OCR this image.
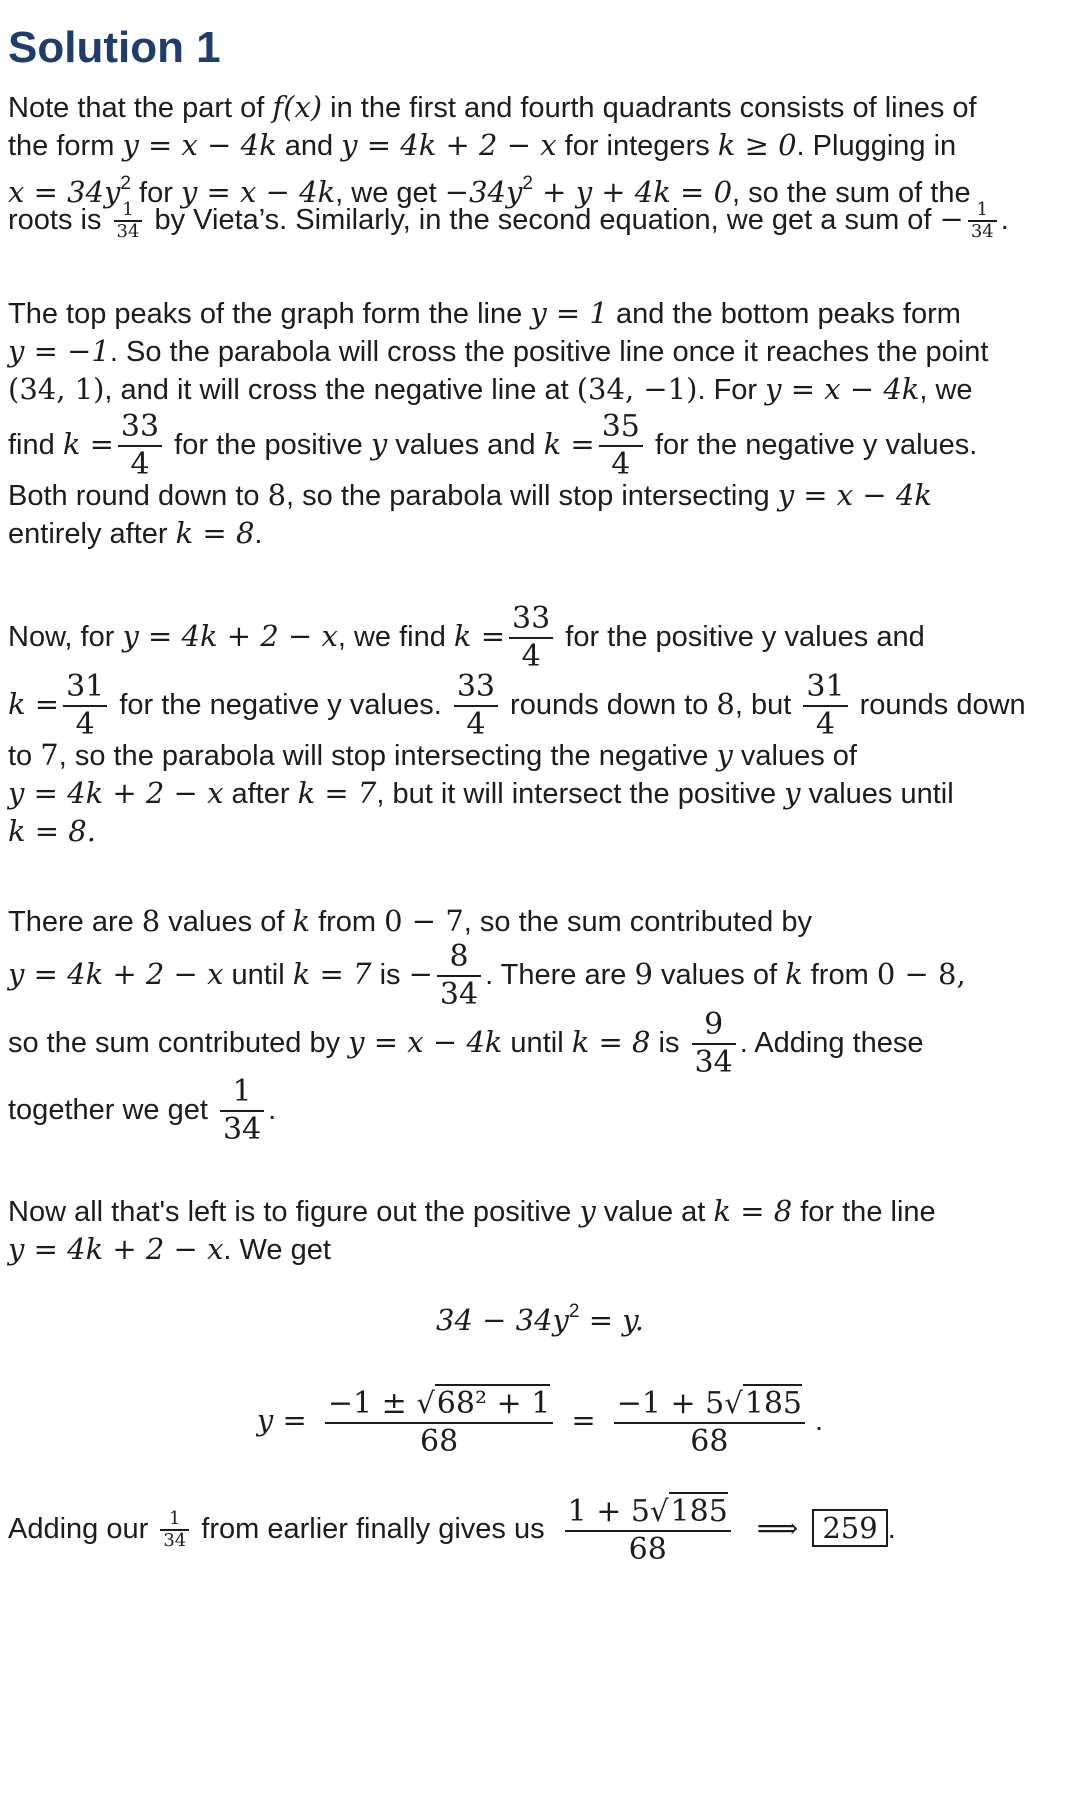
Solution 1
Note that the part of f(x) in the first and fourth quadrants consists of lines of
the form y = x − 4k and y = 4k + 2 − x for integers k ≥ 0. Plugging in
$x = 34y^2$ for y = x − 4k, we get $-34y^2 + y + 4k = 0$, so the sum of the
roots is $\frac{1}{34}$ by Vieta’s. Similarly, in the second equation, we get a sum of − $\frac{1}{34}$ .
The top peaks of the graph form the line y = 1 and the bottom peaks form
y = −1. So the parabola will cross the positive line once it reaches the point
(34, 1), and it will cross the negative line at (34, −1). For y = x − 4k, we
find $k = \frac{33}{4}$ for the positive y values and $k = \frac{35}{4}$ for the negative y values.
Both round down to 8, so the parabola will stop intersecting y = x − 4k
entirely after k = 8.
Now, for y = 4k + 2 − x, we find $k = \frac{33}{4}$ for the positive y values and
$k = \frac{31}{4}$ for the negative y values. $\frac{33}{4}$ rounds down to 8, but $\frac{31}{4}$ rounds down
to 7, so the parabola will stop intersecting the negative y values of
y = 4k + 2 − x after k = 7, but it will intersect the positive y values until
k = 8.
There are 8 values of k from 0 − 7, so the sum contributed by
y = 4k + 2 − x until k = 7 is − $\frac{8}{34}$ . There are 9 values of k from 0 − 8,
so the sum contributed by y = x − 4k until k = 8 is $\frac{9}{34}$ . Adding these
together we get $\frac{1}{34}$ .
Now all that's left is to figure out the positive y value at k = 8 for the line
y = 4k + 2 − x. We get
$34 - 34y^2 = y$.
$y = \frac{\text{−1 ± √68² + 1}}{68} = \frac{-1 + 5√185}{68}$ .
Adding our $\frac{1}{34}$ from earlier finally gives us $\frac{1 + 5√185}{68}$ ⟹ 259 .
